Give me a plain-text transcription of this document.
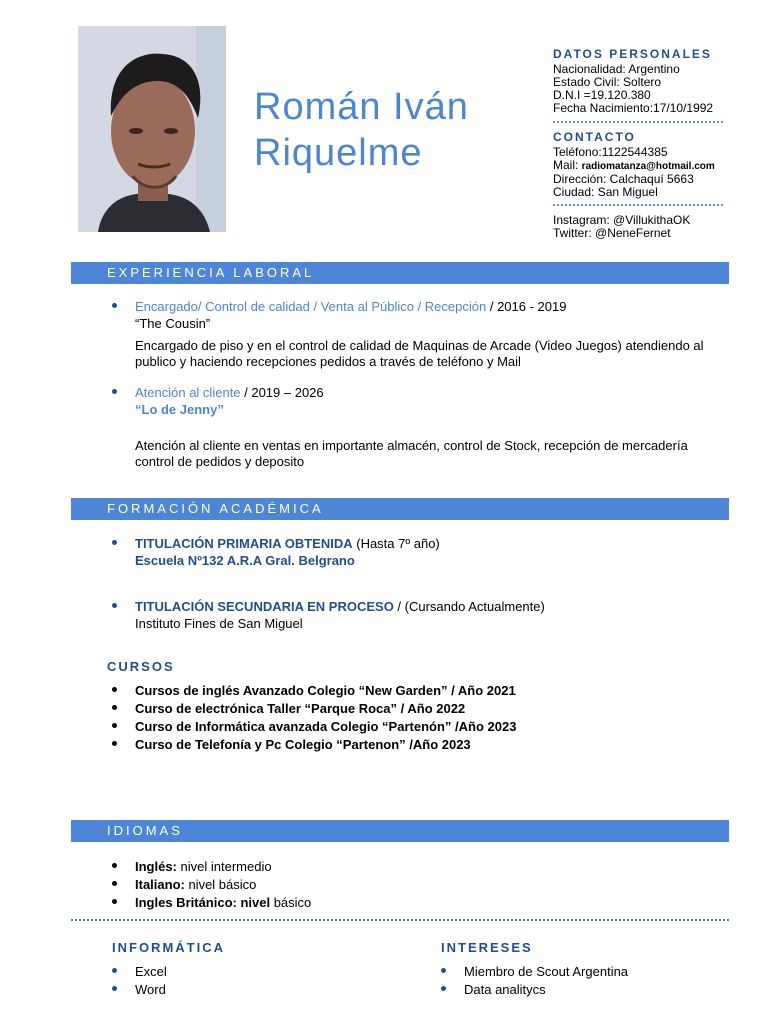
Román Iván
Riquelme
DATOS PERSONALES
Nacionalidad: Argentino
Estado Civil: Soltero
D.N.I =19.120.380
Fecha Nacimiento:17/10/1992
CONTACTO
Teléfono:1122544385
Mail: radiomatanza@hotmail.com
Dirección: Calchaquí 5663
Ciudad: San Miguel
Instagram: @VillukithaOK
Twitter: @NeneFernet
EXPERIENCIA LABORAL
Encargado/ Control de calidad / Venta al Público / Recepción / 2016 - 2019
“The Cousin”
Encargado de piso y en el control de calidad de Maquinas de Arcade (Video Juegos) atendiendo al
publico y haciendo recepciones pedidos a través de teléfono y Mail
Atención al cliente / 2019 – 2026
“Lo de Jenny”
Atención al cliente en ventas en importante almacén, control de Stock, recepción de mercadería
control de pedidos y deposito
FORMACIÓN ACADÉMICA
TITULACIÓN PRIMARIA OBTENIDA (Hasta 7º año)
Escuela Nº132 A.R.A Gral. Belgrano
TITULACIÓN SECUNDARIA EN PROCESO / (Cursando Actualmente)
Instituto Fines de San Miguel
CURSOS
Cursos de inglés Avanzado Colegio “New Garden” / Año 2021
Curso de electrónica Taller “Parque Roca” / Año 2022
Curso de Informática avanzada Colegio “Partenón” /Año 2023
Curso de Telefonía y Pc Colegio “Partenon” /Año 2023
IDIOMAS
Inglés: nivel intermedio
Italiano: nivel básico
Ingles Británico: nivel básico
INFORMÁTICA
Excel
Word
INTERESES
Miembro de Scout Argentina
Data analitycs
